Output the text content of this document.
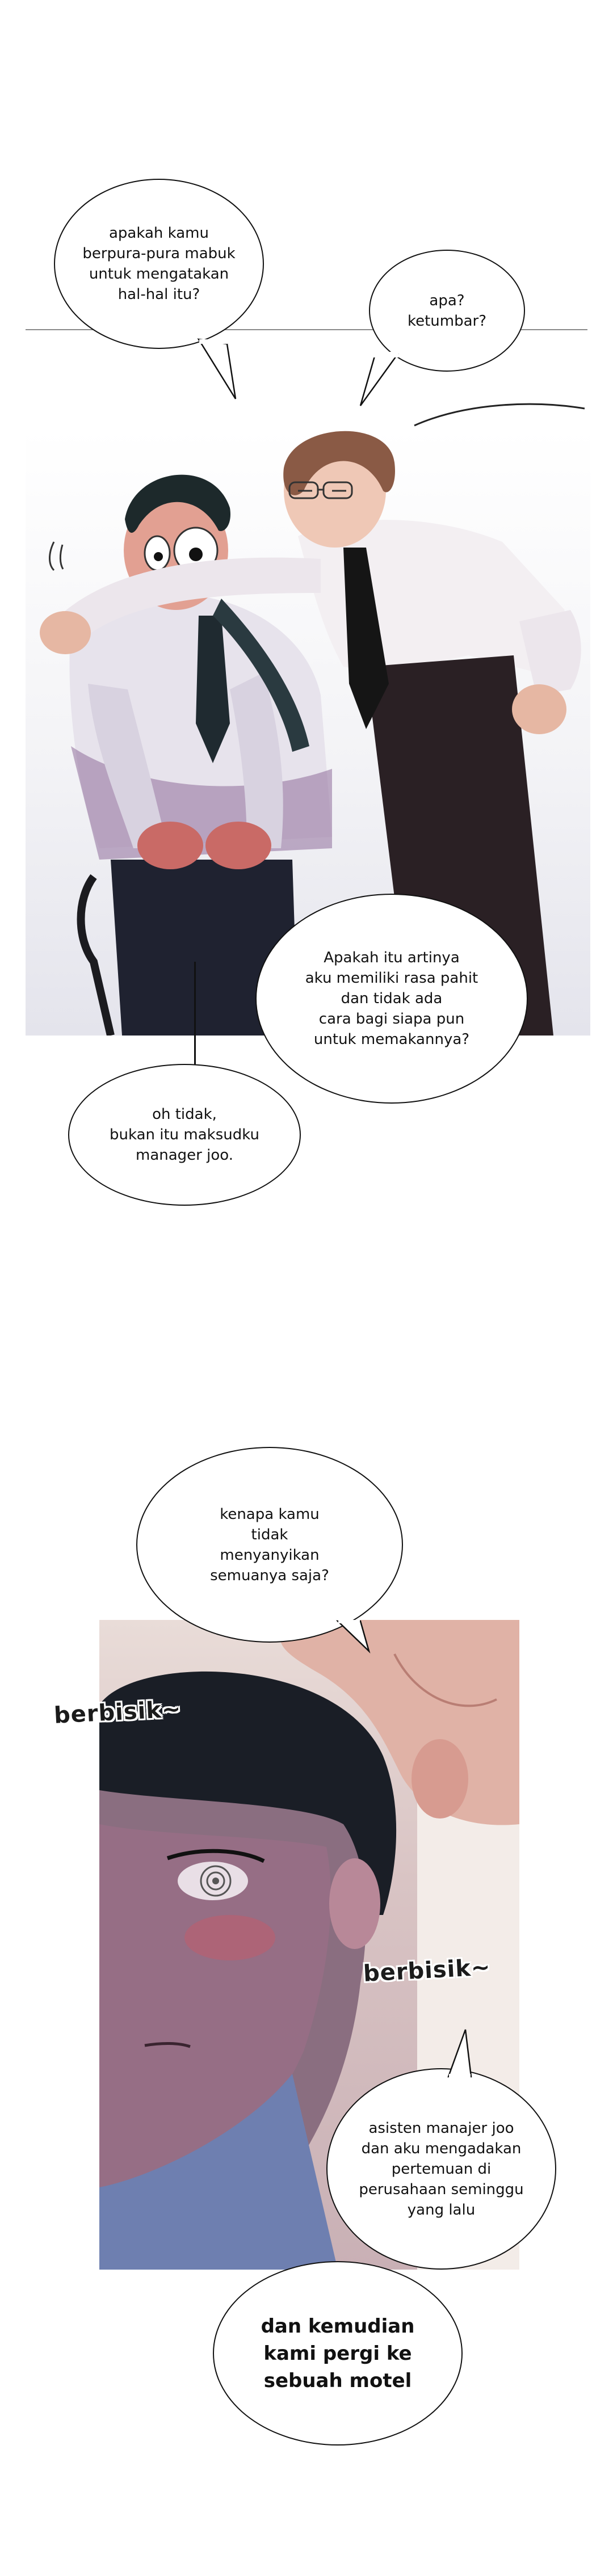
apakah kamu
berpura-pura mabuk
untuk mengatakan
hal-hal itu?	apa?
ketumbar?
Apakah itu artinya
aku memiliki rasa pahit
dan tidak ada
cara bagi siapa pun
untuk memakannya?
oh tidak,
bukan itu maksudku
manager joo.
kenapa kamu
tidak
menyanyikan
semuanya saja?
berbisik~
berbisik~
asisten manajer joo
dan aku mengadakan
pertemuan di
perusahaan seminggu
yang lalu
dan kemudian
kami pergi ke
sebuah motel
